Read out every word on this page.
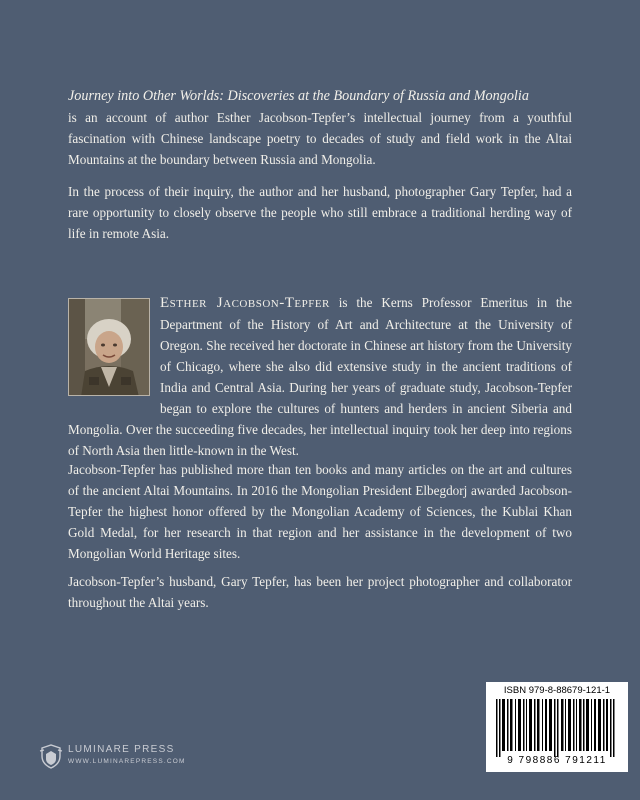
Journey into Other Worlds: Discoveries at the Boundary of Russia and Mongolia
is an account of author Esther Jacobson-Tepfer’s intellectual journey from a youthful fascination with Chinese landscape poetry to decades of study and field work in the Altai Mountains at the boundary between Russia and Mongolia.
In the process of their inquiry, the author and her husband, photographer Gary Tepfer, had a rare opportunity to closely observe the people who still embrace a traditional herding way of life in remote Asia.
Esther Jacobson-Tepfer is the Kerns Professor Emeritus in the Department of the History of Art and Architecture at the University of Oregon. She received her doctorate in Chinese art history from the University of Chicago, where she also did extensive study in the ancient traditions of India and Central Asia. During her years of graduate study, Jacobson-Tepfer began to explore the cultures of hunters and herders in ancient Siberia and Mongolia. Over the succeeding five decades, her intellectual inquiry took her deep into regions of North Asia then little-known in the West.
Jacobson-Tepfer has published more than ten books and many articles on the art and cultures of the ancient Altai Mountains. In 2016 the Mongolian President Elbegdorj awarded Jacobson-Tepfer the highest honor offered by the Mongolian Academy of Sciences, the Kublai Khan Gold Medal, for her research in that region and her assistance in the development of two Mongolian World Heritage sites.
Jacobson-Tepfer’s husband, Gary Tepfer, has been her project photographer and collaborator throughout the Altai years.
LUMINARE PRESS
WWW.LUMINAREPRESS.COM
ISBN 979-8-88679-121-1
9 798886 791211
